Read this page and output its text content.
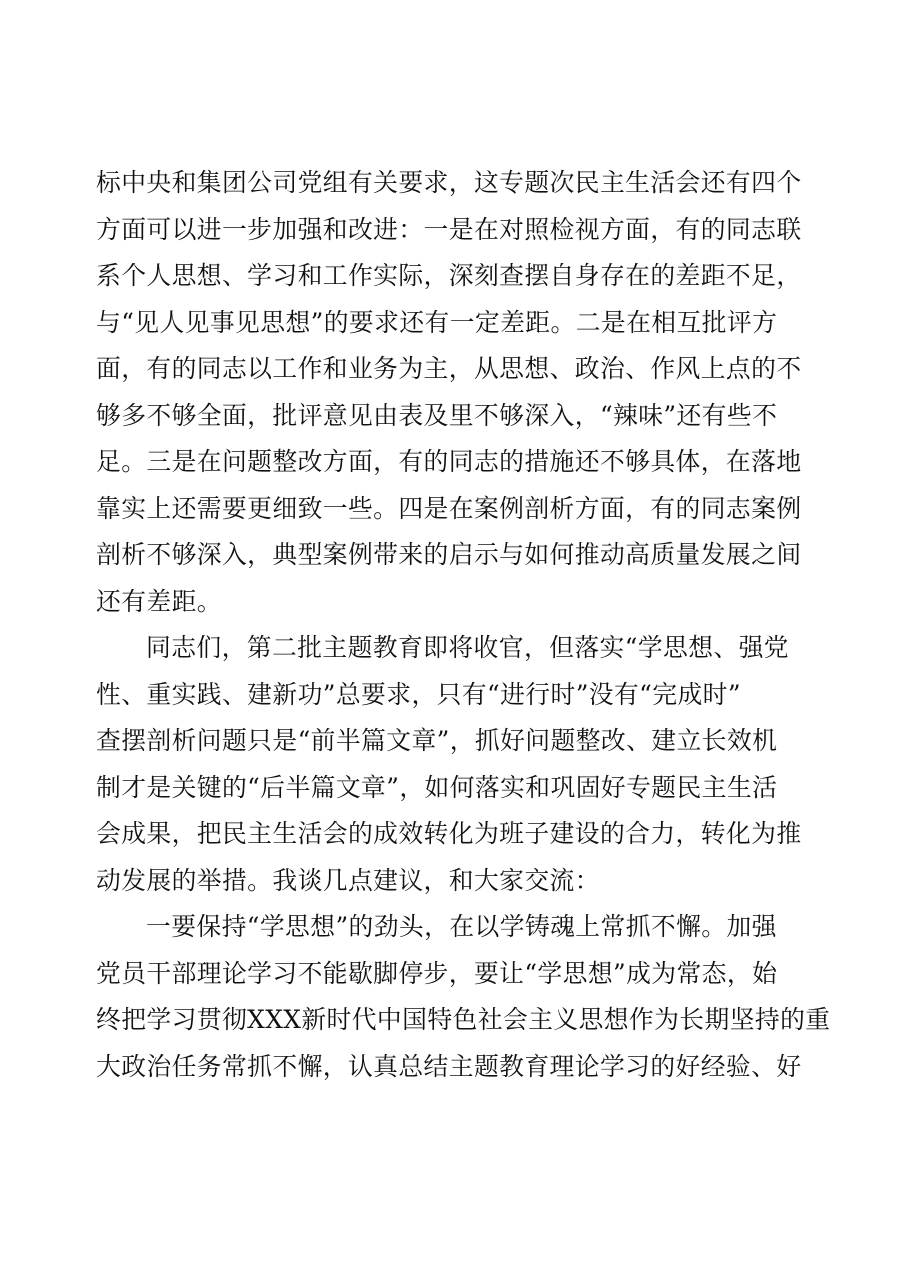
标中央和集团公司党组有关要求，这专题次民主生活会还有四个
方面可以进一步加强和改进：一是在对照检视方面，有的同志联
系个人思想、学习和工作实际，深刻查摆自身存在的差距不足，
与“见人见事见思想”的要求还有一定差距。二是在相互批评方
面，有的同志以工作和业务为主，从思想、政治、作风上点的不
够多不够全面，批评意见由表及里不够深入，“辣味”还有些不
足。三是在问题整改方面，有的同志的措施还不够具体，在落地
靠实上还需要更细致一些。四是在案例剖析方面，有的同志案例
剖析不够深入，典型案例带来的启示与如何推动高质量发展之间
还有差距。
同志们，第二批主题教育即将收官，但落实“学思想、强党
性、重实践、建新功”总要求，只有“进行时”没有“完成时”
查摆剖析问题只是“前半篇文章”，抓好问题整改、建立长效机
制才是关键的“后半篇文章”，如何落实和巩固好专题民主生活
会成果，把民主生活会的成效转化为班子建设的合力，转化为推
动发展的举措。我谈几点建议，和大家交流：
一要保持“学思想”的劲头，在以学铸魂上常抓不懈。加强
党员干部理论学习不能歇脚停步，要让“学思想”成为常态，始
终把学习贯彻XXX新时代中国特色社会主义思想作为长期坚持的重
大政治任务常抓不懈，认真总结主题教育理论学习的好经验、好
